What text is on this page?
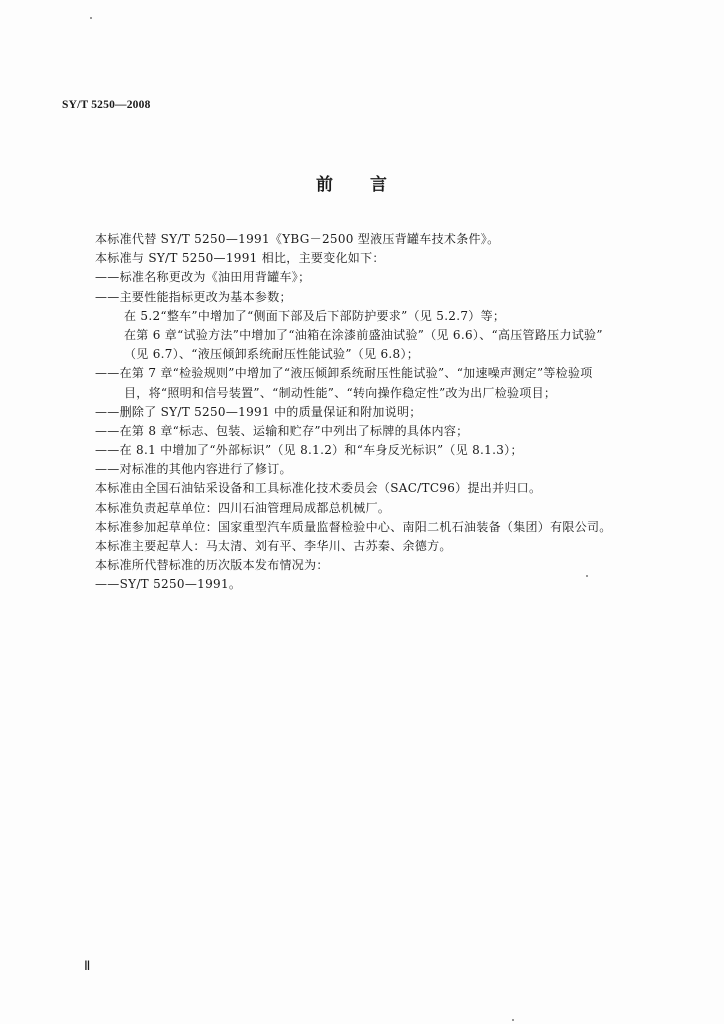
SY/T 5250—2008
前　　言
本标准代替 SY/T 5250—1991《YBG－2500 型液压背罐车技术条件》。
本标准与 SY/T 5250—1991 相比，主要变化如下：
——标准名称更改为《油田用背罐车》；
——主要性能指标更改为基本参数；
在 5.2“整车”中增加了“侧面下部及后下部防护要求”（见 5.2.7）等；
在第 6 章“试验方法”中增加了“油箱在涂漆前盛油试验”（见 6.6）、“高压管路压力试验”
（见 6.7）、“液压倾卸系统耐压性能试验”（见 6.8）；
——在第 7 章“检验规则”中增加了“液压倾卸系统耐压性能试验”、“加速噪声测定”等检验项
目，将“照明和信号装置”、“制动性能”、“转向操作稳定性”改为出厂检验项目；
——删除了 SY/T 5250—1991 中的质量保证和附加说明；
——在第 8 章“标志、包装、运输和贮存”中列出了标牌的具体内容；
——在 8.1 中增加了“外部标识”（见 8.1.2）和“车身反光标识”（见 8.1.3）；
——对标准的其他内容进行了修订。
本标准由全国石油钻采设备和工具标准化技术委员会（SAC/TC96）提出并归口。
本标准负责起草单位：四川石油管理局成都总机械厂。
本标准参加起草单位：国家重型汽车质量监督检验中心、南阳二机石油装备（集团）有限公司。
本标准主要起草人：马太清、刘有平、李华川、古苏秦、余德方。
本标准所代替标准的历次版本发布情况为：
——SY/T 5250—1991。
Ⅱ
